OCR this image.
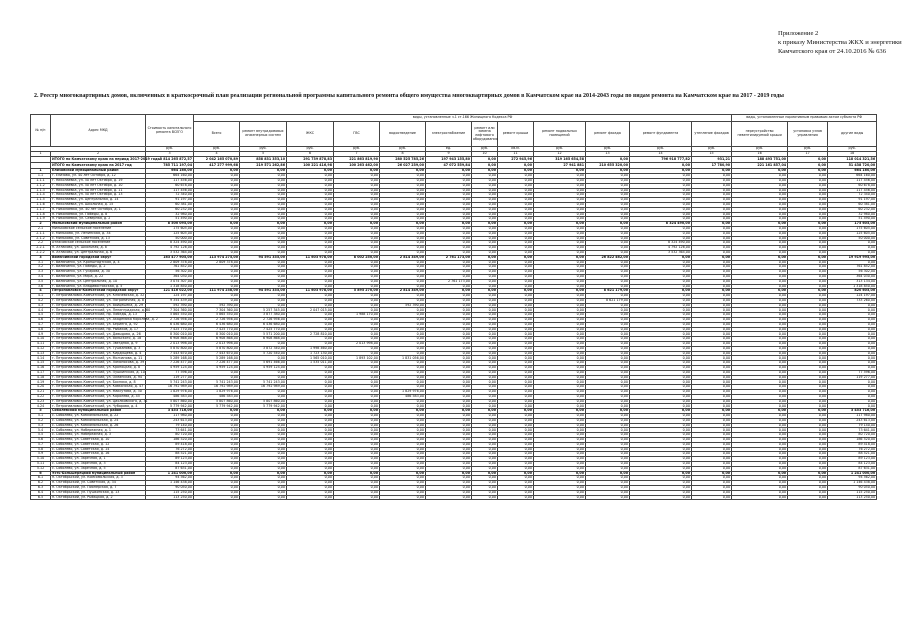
Приложение 2
к приказу Министерства ЖКХ и энергетики
Камчатского края от 24.10.2016 № 636
2. Реестр многоквартирных домов, включенных в краткосрочный план реализации региональной программы капитального ремонта общего имущества многоквартирных домов в Камчатском крае на 2014-2043 годы по видам ремонта на Камчатском крае на 2017 - 2019 годы
№ п/п	Адрес МКД	Стоимость капитального ремонта ВСЕГО	виды, установленные ч.1 ст.166 Жилищного Кодекса РФ												виды, установленные нормативным правовым актом субъекта РФ		
			Всего	ремонт внутридомовых инженерных систем	ЖКС	ГВС	водоотведение	электроснабжение	ремонт или замена лифтового оборудования	ремонт крыши	ремонт подвальных помещений	ремонт фасада	ремонт фундамента	утепление фасадов	переустройство невентилируемой крыши	установка узлов управления	другие виды
		руб.	руб.	руб.	руб.	руб.	руб.	ед.	руб.	кв.м.	руб.	руб.	руб.	руб.	руб.	руб.	руб.
1	2	3	4	5	6	7	8	9	10	11	12	13	14	15	16	17	18
	ИТОГО по Камчатскому краю на период 2017-2019 годы	3 814 265 872,57	2 042 165 070,89	858 831 353,10	291 739 878,83	221 863 819,90	280 525 785,26	197 943 155,80	0,00	272 945,96	319 165 654,58	0,00	796 918 777,82	931,21	188 493 751,00	0,00	118 014 321,56
	ИТОГО по Камчатскому краю на 2017 год	785 711 197,04	417 277 999,68	219 571 262,86	100 221 416,98	100 263 462,00	26 027 239,00	47 072 559,84	0,00	0,00	27 941 881	210 655 320,00	0,00	17 780,90	221 161 857,04	0,00	51 438 720,00
1	Елизовский муниципальный район	664 160,00	0,00	0,00	0,00	0,00	0,00	0,00	0,00	0,00	0,00	0,00	0,00	0,00	0,00	0,00	664 160,00
1.1	г. Елизово, ул. 40 лет Октября, д. 12	664 160,00	0,00	0,00	0,00	0,00	0,00	0,00	0,00	0,00	0,00	0,00	0,00	0,00	0,00	0,00	664 160,00
1.1.1	г. Николаевка, ул. 50 лет Октября, д. 19	117 456,00	0,00	0,00	0,00	0,00	0,00	0,00	0,00	0,00	0,00	0,00	0,00	0,00	0,00	0,00	117 456,00
1.1.2	г. Николаевка, ул. 50 лет Октября, д. 10	60 678,00	0,00	0,00	0,00	0,00	0,00	0,00	0,00	0,00	0,00	0,00	0,00	0,00	0,00	0,00	60 678,00
1.1.3	г. Николаевка, ул. 50 лет Октября, д. 11	117 456,00	0,00	0,00	0,00	0,00	0,00	0,00	0,00	0,00	0,00	0,00	0,00	0,00	0,00	0,00	117 456,00
1.1.4	г. Николаевка, ул. 50 лет Октября, д. 13	72 340,00	0,00	0,00	0,00	0,00	0,00	0,00	0,00	0,00	0,00	0,00	0,00	0,00	0,00	0,00	72 340,00
1.1.5	г. Николаевка, ул. Центральная, д. 14	91 197,00	0,00	0,00	0,00	0,00	0,00	0,00	0,00	0,00	0,00	0,00	0,00	0,00	0,00	0,00	91 197,00
1.1.6	г. Николаевка, ул. Школьная, д. 15	60 381,00	0,00	0,00	0,00	0,00	0,00	0,00	0,00	0,00	0,00	0,00	0,00	0,00	0,00	0,00	60 381,00
1.1.7	п. Николаевка, ул. 40 лет Октября, д. 1	60 232,00	0,00	0,00	0,00	0,00	0,00	0,00	0,00	0,00	0,00	0,00	0,00	0,00	0,00	0,00	60 232,00
1.1.8	п. Николаевка, ул. Победы, д. 8	32 980,00	0,00	0,00	0,00	0,00	0,00	0,00	0,00	0,00	0,00	0,00	0,00	0,00	0,00	0,00	32 980,00
1.1.9	п. Николаевка, ул. Северная, д. 2	51 490,00	0,00	0,00	0,00	0,00	0,00	0,00	0,00	0,00	0,00	0,00	0,00	0,00	0,00	0,00	51 490,00
2	Мильковский муниципальный район	8 500 095,00	0,00	0,00	0,00	0,00	0,00	0,00	0,00	0,00	0,00	0,00	8 324 490,00	0,00	0,00	0,00	175 605,00
2.1	Мильковское сельское поселение	175 605,00	0,00	0,00	0,00	0,00	0,00	0,00	0,00	0,00	0,00	0,00	0,00	0,00	0,00	0,00	175 605,00
2.1.1	с. Мильково, ул. Ленинская, д. 34	125 605,00	0,00	0,00	0,00	0,00	0,00	0,00	0,00	0,00	0,00	0,00	0,00	0,00	0,00	0,00	125 605,00
2.1.2	с. Мильково, ул. Советская, д. 13	50 000,00	0,00	0,00	0,00	0,00	0,00	0,00	0,00	0,00	0,00	0,00	0,00	0,00	0,00	0,00	50 000,00
2.2	Атласовское сельское поселение	8 324 490,00	0,00	0,00	0,00	0,00	0,00	0,00	0,00	0,00	0,00	0,00	8 324 490,00	0,00	0,00	0,00	0,00
2.2.1	п. Атласово, ул. Школьная, д. 8	4 792 126,00	0,00	0,00	0,00	0,00	0,00	0,00	0,00	0,00	0,00	0,00	4 792 126,00	0,00	0,00	0,00	0,00
2.2.2	п. Атласово, ул. Центральная, д. 6	3 532 364,00	0,00	0,00	0,00	0,00	0,00	0,00	0,00	0,00	0,00	0,00	3 532 364,00	0,00	0,00	0,00	0,00
3	Вилючинский городской округ	163 477 905,00	113 974 275,00	94 591 335,00	11 603 978,00	8 002 250,00	2 814 349,00	2 761 173,00	0,00	0,00	0,00	26 822 462,00	0,00	0,00	0,00	0,00	19 919 995,00
3.1	г. Вилючинск, ул. Кронштадтская, д. 4	2 809 378,00	2 809 378,00	0,00	0,00	0,00	0,00	0,00	0,00	0,00	0,00	0,00	0,00	0,00	0,00	0,00	0,00
3.2	г. Вилючинск, ул. Победы, д. 2	761 852,00	0,00	0,00	0,00	0,00	0,00	0,00	0,00	0,00	0,00	0,00	0,00	0,00	0,00	0,00	761 852,00
3.3	г. Вилючинск, ул. Гусарова, д. 30	56 302,00	0,00	0,00	0,00	0,00	0,00	0,00	0,00	0,00	0,00	0,00	0,00	0,00	0,00	0,00	56 302,00
3.4	г. Вилючинск, ул. Мира, д. 22	364 030,00	0,00	0,00	0,00	0,00	0,00	0,00	0,00	0,00	0,00	0,00	0,00	0,00	0,00	0,00	364 030,00
3.5	г. Вилючинск, ул. Центральная, д. 10	3 074 307,00	0,00	0,00	0,00	0,00	0,00	2 761 173,00	0,00	0,00	0,00	0,00	0,00	0,00	0,00	0,00	313 134,00
3.6	г. Вилючинск, ул. Владивостокская, д. 5	1 318 850,00	0,00	0,00	0,00	0,00	0,00	0,00	0,00	0,00	0,00	0,00	0,00	0,00	0,00	0,00	1 318 850,00
4	Петропавловск-Камчатский городской округ	121 416 022,00	111 974 238,00	94 591 335,00	11 603 978,00	5 895 270,00	2 814 349,00	0,00	0,00	0,00	0,00	8 621 179,00	0,00	0,00	0,00	0,00	820 605,00
4.1	г. Петропавловск-Камчатский, ул. Ключевская, д. 32	124 197,00	0,00	0,00	0,00	0,00	0,00	0,00	0,00	0,00	0,00	0,00	0,00	0,00	0,00	0,00	124 197,00
4.2	г. Петропавловск-Камчатский, ул. Пограничная, д. 8	9 354 439,00	0,00	0,00	0,00	0,00	0,00	0,00	0,00	0,00	0,00	8 621 179,00	0,00	0,00	0,00	0,00	733 260,00
4.3	г. Петропавловск-Камчатский, ул. Войцешека, д. 29	592 390,00	592 390,00	0,00	0,00	0,00	592 390,00	0,00	0,00	0,00	0,00	0,00	0,00	0,00	0,00	0,00	0,00
4.4	г. Петропавловск-Камчатский, ул. Ленинградская, д. 60	7 304 360,00	7 304 360,00	5 257 345,00	2 047 015,00	0,00	0,00	0,00	0,00	0,00	0,00	0,00	0,00	0,00	0,00	0,00	0,00
4.5	г. Петропавловск-Камчатский, пр. Победы, д. 13	5 865 550,00	5 865 550,00	3 877 380,00	0,00	1 988 170,00	0,00	0,00	0,00	0,00	0,00	0,00	0,00	0,00	0,00	0,00	0,00
4.6	г. Петропавловск-Камчатский, ул. Академика Королева, д. 2	2 726 956,00	2 726 956,00	2 726 956,00	0,00	0,00	0,00	0,00	0,00	0,00	0,00	0,00	0,00	0,00	0,00	0,00	0,00
4.7	г. Петропавловск-Камчатский, ул. Беринга, д. 92	6 436 680,00	6 436 680,00	6 436 680,00	0,00	0,00	0,00	0,00	0,00	0,00	0,00	0,00	0,00	0,00	0,00	0,00	0,00
4.8	г. Петропавловск-Камчатский, пр. Рыбаков, д. 17	7 425 770,00	7 425 770,00	7 425 770,00	0,00	0,00	0,00	0,00	0,00	0,00	0,00	0,00	0,00	0,00	0,00	0,00	0,00
4.9	г. Петропавловск-Камчатский, ул. Давыдова, д. 26	8 300 010,00	8 300 010,00	5 571 200,00	2 728 810,00	0,00	0,00	0,00	0,00	0,00	0,00	0,00	0,00	0,00	0,00	0,00	0,00
4.10	г. Петропавловск-Камчатский, ул. Вольского, д. 18	6 908 868,00	6 908 868,00	6 908 868,00	0,00	0,00	0,00	0,00	0,00	0,00	0,00	0,00	0,00	0,00	0,00	0,00	0,00
4.11	г. Петропавловск-Камчатский, ул. Звездная, д. 9	2 013 998,00	2 013 998,00	0,00	0,00	2 013 998,00	0,00	0,00	0,00	0,00	0,00	0,00	0,00	0,00	0,00	0,00	0,00
4.12	г. Петропавловск-Камчатский, ул. Тушканова, д. 3	5 870 800,00	5 870 800,00	3 872 340,00	1 998 460,00	0,00	0,00	0,00	0,00	0,00	0,00	0,00	0,00	0,00	0,00	0,00	0,00
4.13	г. Петропавловск-Камчатский, ул. Кирдищева, д. 4	7 443 670,00	7 443 670,00	5 720 540,00	1 723 130,00	0,00	0,00	0,00	0,00	0,00	0,00	0,00	0,00	0,00	0,00	0,00	0,00
4.14	г. Петропавловск-Камчатский, ул. Молчанова, д. 11	5 289 168,00	5 289 168,00	0,00	1 565 010,00	1 893 102,00	1 831 056,00	0,00	0,00	0,00	0,00	0,00	0,00	0,00	0,00	0,00	0,00
4.15	г. Петропавловск-Камчатский, ул. Ломоносова, д. 39	7 226 477,00	7 226 477,00	5 691 466,00	1 535 011,00	0,00	0,00	0,00	0,00	0,00	0,00	0,00	0,00	0,00	0,00	0,00	0,00
4.16	г. Петропавловск-Камчатский, ул. Кроноцкая, д. 8	4 959 124,00	4 959 124,00	4 959 124,00	0,00	0,00	0,00	0,00	0,00	0,00	0,00	0,00	0,00	0,00	0,00	0,00	0,00
4.17	г. Петропавловск-Камчатский, ул. Пушкинская, д. 10	77 596,00	0,00	0,00	0,00	0,00	0,00	0,00	0,00	0,00	0,00	0,00	0,00	0,00	0,00	0,00	77 596,00
4.18	г. Петропавловск-Камчатский, ул. Океанская, д. 94	119 277,00	0,00	0,00	0,00	0,00	0,00	0,00	0,00	0,00	0,00	0,00	0,00	0,00	0,00	0,00	119 277,00
4.19	г. Петропавловск-Камчатский, ул. Бохняка, д. 8	5 741 243,00	5 741 243,00	5 741 243,00	0,00	0,00	0,00	0,00	0,00	0,00	0,00	0,00	0,00	0,00	0,00	0,00	0,00
4.20	г. Петропавловск-Камчатский, ул. Кавказская, д. 47	16 792 989,00	16 792 989,00	16 792 989,00	0,00	0,00	0,00	0,00	0,00	0,00	0,00	0,00	0,00	0,00	0,00	0,00	0,00
4.21	г. Петропавловск-Камчатский, ул. Максутова, д. 30	1 829 976,00	1 829 976,00	0,00	0,00	0,00	1 829 976,00	0,00	0,00	0,00	0,00	0,00	0,00	0,00	0,00	0,00	0,00
4.22	г. Петропавловск-Камчатский, ул. Королева, д. 45	486 583,00	486 583,00	0,00	0,00	0,00	486 583,00	0,00	0,00	0,00	0,00	0,00	0,00	0,00	0,00	0,00	0,00
4.23	г. Петропавловск-Камчатский, ул. Циолковского, д. 31	5 807 860,00	5 807 860,00	5 807 860,00	0,00	0,00	0,00	0,00	0,00	0,00	0,00	0,00	0,00	0,00	0,00	0,00	0,00
4.24	г. Петропавловск-Камчатский, ул. Чубарова, д. 4	5 779 942,00	5 779 942,00	5 779 942,00	0,00	0,00	0,00	0,00	0,00	0,00	0,00	0,00	0,00	0,00	0,00	0,00	0,00
5	Соболевский муниципальный район	3 453 716,00	0,00	0,00	0,00	0,00	0,00	0,00	0,00	0,00	0,00	0,00	0,00	0,00	0,00	0,00	3 453 716,00
5.1	с. Соболево, ул. Комсомольская, д. 22	117 980,00	0,00	0,00	0,00	0,00	0,00	0,00	0,00	0,00	0,00	0,00	0,00	0,00	0,00	0,00	117 980,00
5.2	с. Соболево, ул. Комсомольская, д. 24	243 613,00	0,00	0,00	0,00	0,00	0,00	0,00	0,00	0,00	0,00	0,00	0,00	0,00	0,00	0,00	243 613,00
5.3	с. Соболево, ул. Комсомольская, д. 26	79 140,00	0,00	0,00	0,00	0,00	0,00	0,00	0,00	0,00	0,00	0,00	0,00	0,00	0,00	0,00	79 140,00
5.4	с. Соболево, ул. Набережная, д. 1	73 641,00	0,00	0,00	0,00	0,00	0,00	0,00	0,00	0,00	0,00	0,00	0,00	0,00	0,00	0,00	73 641,00
5.5	с. Соболево, ул. Набережная, д. 3	80 720,00	0,00	0,00	0,00	0,00	0,00	0,00	0,00	0,00	0,00	0,00	0,00	0,00	0,00	0,00	80 720,00
5.6	с. Соболево, ул. Советская, д. 10	186 520,00	0,00	0,00	0,00	0,00	0,00	0,00	0,00	0,00	0,00	0,00	0,00	0,00	0,00	0,00	186 520,00
5.7	с. Соболево, ул. Советская, д. 12	89 418,00	0,00	0,00	0,00	0,00	0,00	0,00	0,00	0,00	0,00	0,00	0,00	0,00	0,00	0,00	89 418,00
5.8	с. Соболево, ул. Советская, д. 14	76 272,00	0,00	0,00	0,00	0,00	0,00	0,00	0,00	0,00	0,00	0,00	0,00	0,00	0,00	0,00	76 272,00
5.9	с. Соболево, ул. Советская, д. 16	88 521,00	0,00	0,00	0,00	0,00	0,00	0,00	0,00	0,00	0,00	0,00	0,00	0,00	0,00	0,00	88 521,00
5.10	с. Соболево, ул. Заречная, д. 1	89 123,00	0,00	0,00	0,00	0,00	0,00	0,00	0,00	0,00	0,00	0,00	0,00	0,00	0,00	0,00	89 123,00
5.11	с. Соболево, ул. Заречная, д. 3	84 123,00	0,00	0,00	0,00	0,00	0,00	0,00	0,00	0,00	0,00	0,00	0,00	0,00	0,00	0,00	84 123,00
5.12	с. Соболево, ул. Заречная, д. 5	87 631,00	0,00	0,00	0,00	0,00	0,00	0,00	0,00	0,00	0,00	0,00	0,00	0,00	0,00	0,00	87 631,00
6	Усть-Большерецкий муниципальный район	1 241 000,00	0,00	0,00	0,00	0,00	0,00	0,00	0,00	0,00	0,00	0,00	0,00	0,00	0,00	0,00	1 241 000,00
6.1	п. Октябрьский, ул. Комсомольская, д. 3	94 562,00	0,00	0,00	0,00	0,00	0,00	0,00	0,00	0,00	0,00	0,00	0,00	0,00	0,00	0,00	94 562,00
6.2	п. Октябрьский, ул. Советская, д. 34	1 146 438,00	0,00	0,00	0,00	0,00	0,00	0,00	0,00	0,00	0,00	0,00	0,00	0,00	0,00	0,00	1 146 438,00
6.3	п. Октябрьский, ул. Пионерская, д. 7	90 050,00	0,00	0,00	0,00	0,00	0,00	0,00	0,00	0,00	0,00	0,00	0,00	0,00	0,00	0,00	90 050,00
6.4	п. Октябрьский, ул. Пушкинская, д. 13	115 250,00	0,00	0,00	0,00	0,00	0,00	0,00	0,00	0,00	0,00	0,00	0,00	0,00	0,00	0,00	115 250,00
6.5	п. Октябрьский, ул. Рыбацкая, д. 2	113 250,00	0,00	0,00	0,00	0,00	0,00	0,00	0,00	0,00	0,00	0,00	0,00	0,00	0,00	0,00	113 250,00
